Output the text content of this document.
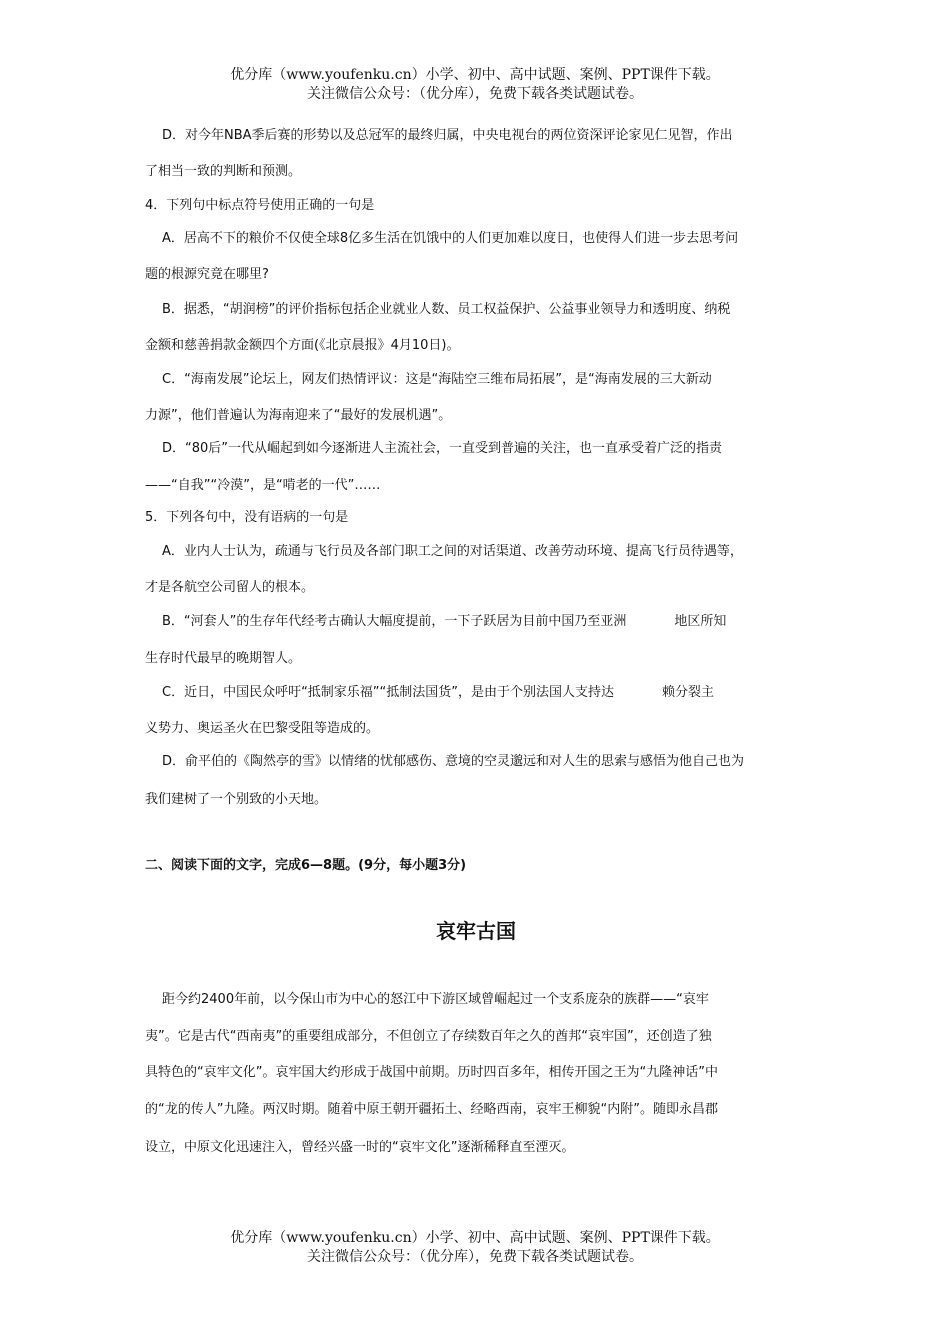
优分库（www.youfenku.cn）小学、初中、高中试题、案例、PPT课件下载。
关注微信公众号：（优分库），免费下载各类试题试卷。
D．对今年NBA季后赛的形势以及总冠军的最终归属，中央电视台的两位资深评论家见仁见智，作出
了相当一致的判断和预测。
4．下列句中标点符号使用正确的一句是
A．居高不下的粮价不仅使全球8亿多生活在饥饿中的人们更加难以度日，也使得人们进一步去思考问
题的根源究竟在哪里?
B．据悉，“胡润榜”的评价指标包括企业就业人数、员工权益保护、公益事业领导力和透明度、纳税
金额和慈善捐款金额四个方面(《北京晨报》4月10日)。
C．“海南发展”论坛上，网友们热情评议：这是“海陆空三维布局拓展”，是“海南发展的三大新动
力源”，他们普遍认为海南迎来了“最好的发展机遇”。
D．“80后”一代从崛起到如今逐渐进人主流社会，一直受到普遍的关注，也一直承受着广泛的指责
——“自我”“冷漠”，是“啃老的一代”……
5．下列各句中，没有语病的一句是
A．业内人士认为，疏通与飞行员及各部门职工之间的对话渠道、改善劳动环境、提高飞行员待遇等，
才是各航空公司留人的根本。
B．“河套人”的生存年代经考古确认大幅度提前，一下子跃居为目前中国乃至亚洲	地区所知
生存时代最早的晚期智人。
C．近日，中国民众呼吁“抵制家乐福”“抵制法国货”，是由于个别法国人支持达	赖分裂主
义势力、奥运圣火在巴黎受阻等造成的。
D．俞平伯的《陶然亭的雪》以情绪的忧郁感伤、意境的空灵邈远和对人生的思索与感悟为他自己也为
我们建树了一个别致的小天地。
二、阅读下面的文字，完成6—8题。(9分，每小题3分)
哀牢古国
距今约2400年前，以今保山市为中心的怒江中下游区域曾崛起过一个支系庞杂的族群——“哀牢
夷”。它是古代“西南夷”的重要组成部分，不但创立了存续数百年之久的酋邦“哀牢国”，还创造了独
具特色的“哀牢文化”。哀牢国大约形成于战国中前期。历时四百多年，相传开国之王为“九隆神话”中
的“龙的传人”九隆。两汉时期。随着中原王朝开疆拓土、经略西南，哀牢王柳貌“内附”。随即永昌郡
设立，中原文化迅速注入，曾经兴盛一时的“哀牢文化”逐渐稀释直至湮灭。
优分库（www.youfenku.cn）小学、初中、高中试题、案例、PPT课件下载。
关注微信公众号：（优分库），免费下载各类试题试卷。
